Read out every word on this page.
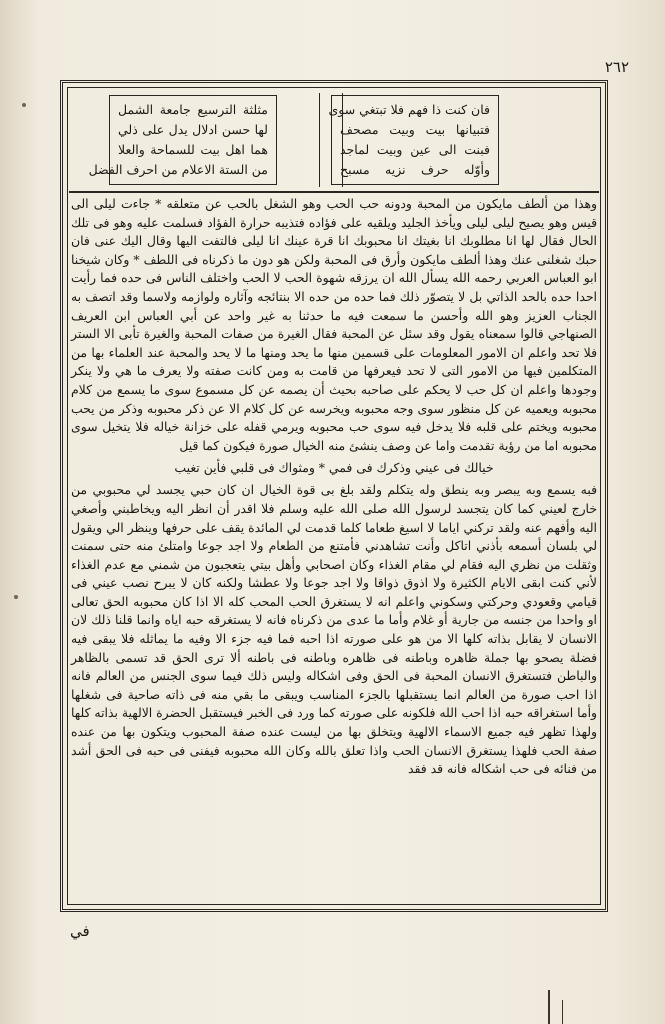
٢٦٢
فان كنت ذا فهم فلا تبتغي سوى
فتبيانها بيت وبيت مصحف
فبنت الى عين وبيت لماجد
وأوّله حرف نزيه مسبح
مثلثة الترسيع جامعة الشمل
لها حسن ادلال يدل على ذلي
هما اهل بيت للسماحة والعلا
من الستة الاعلام من احرف الفضل

وهذا من ألطف مايكون من المحبة ودونه حب الحب وهو الشغل بالحب عن متعلقه * جاءت ليلى الى قيس وهو يصيح ليلى ليلى ويأخذ الجليد ويلقيه على فؤاده فتذيبه حرارة الفؤاد فسلمت عليه وهو فى تلك الحال فقال لها انا مطلوبك انا بغيتك انا محبوبك انا قرة عينك انا ليلى فالتفت اليها وقال اليك عنى فان حبك شغلنى عنك وهذا ألطف مايكون وأرق فى المحبة ولكن هو دون ما ذكرناه فى اللطف * وكان شيخنا ابو العباس العربي رحمه الله يسأل الله ان يرزقه شهوة الحب لا الحب واختلف الناس فى حده فما رأيت احدا حده بالحد الذاتي بل لا يتصوّر ذلك فما حده من حده الا بنتائجه وآثاره ولوازمه ولاسما وقد اتصف به الجناب العزيز وهو الله وأحسن ما سمعت فيه ما حدثنا به غير واحد عن أبي العباس ابن العريف الصنهاجي قالوا سمعناه يقول وقد سئل عن المحبة فقال الغيرة من صفات المحبة والغيرة تأبى الا الستر فلا تحد واعلم ان الامور المعلومات على قسمين منها ما يحد ومنها ما لا يحد والمحبة عند العلماء بها من المتكلمين فيها من الامور التى لا تحد فيعرفها من قامت به ومن كانت صفته ولا يعرف ما هي ولا ينكر وجودها واعلم ان كل حب لا يحكم على صاحبه بحيث أن يصمه عن كل مسموع سوى ما يسمع من كلام محبوبه ويعميه عن كل منظور سوى وجه محبوبه ويخرسه عن كل كلام الا عن ذكر محبوبه وذكر من يحب محبوبه ويختم على قلبه فلا يدخل فيه سوى حب محبوبه ويرمي قفله على خزانة خياله فلا يتخيل سوى محبوبه اما من رؤية تقدمت واما عن وصف ينشئ منه الخيال صورة فيكون كما قيل

خيالك فى عيني وذكرك فى فمي * ومثواك فى قلبي فأين تغيب

فبه يسمع وبه يبصر وبه ينطق وله يتكلم ولقد بلغ بى قوة الخيال ان كان حبي يجسد لي محبوبي من خارج لعيني كما كان يتجسد لرسول الله صلى الله عليه وسلم فلا اقدر أن انظر اليه ويخاطبني وأصغي اليه وأفهم عنه ولقد تركني اياما لا اسيغ طعاما كلما قدمت لي المائدة يقف على حرفها وينظر الي ويقول لي بلسان أسمعه بأذني اتاكل وأنت تشاهدني فأمتنع من الطعام ولا اجد جوعا وامتلئ منه حتى سمنت وثقلت من نظري اليه فقام لي مقام الغذاء وكان اصحابي وأهل بيتي يتعجبون من شمني مع عدم الغذاء لأني كنت ابقى الايام الكثيرة ولا اذوق ذواقا ولا اجد جوعا ولا عطشا ولكنه كان لا يبرح نصب عيني فى قيامي وقعودي وحركتي وسكوني واعلم انه لا يستغرق الحب المحب كله الا اذا كان محبوبه الحق تعالى او واحدا من جنسه من جارية أو غلام وأما ما عدى من ذكرناه فانه لا يستغرقه حبه اياه وانما قلنا ذلك لان الانسان لا يقابل بذاته كلها الا من هو على صورته اذا احبه فما فيه جزء الا وفيه ما يماثله فلا يبقى فيه فضلة يصحو بها جملة ظاهره وباطنه فى ظاهره وباطنه فى باطنه ألا ترى الحق قد تسمى بالظاهر والباطن فتستغرق الانسان المحبة فى الحق وفى اشكاله وليس ذلك فيما سوى الجنس من العالم فانه اذا احب صورة من العالم انما يستقبلها بالجزء المناسب ويبقى ما بقي منه فى ذاته صاحية فى شغلها وأما استغراقه حبه اذا احب الله فلكونه على صورته كما ورد فى الخبر فيستقبل الحضرة الالهية بذاته كلها ولهذا تظهر فيه جميع الاسماء الالهية ويتخلق بها من ليست عنده صفة المحبوب ويتكون بها من عنده صفة الحب فلهذا يستغرق الانسان الحب واذا تعلق بالله وكان الله محبوبه فيفنى فى حبه فى الحق أشد من فنائه فى حب اشكاله فانه قد فقد

في
